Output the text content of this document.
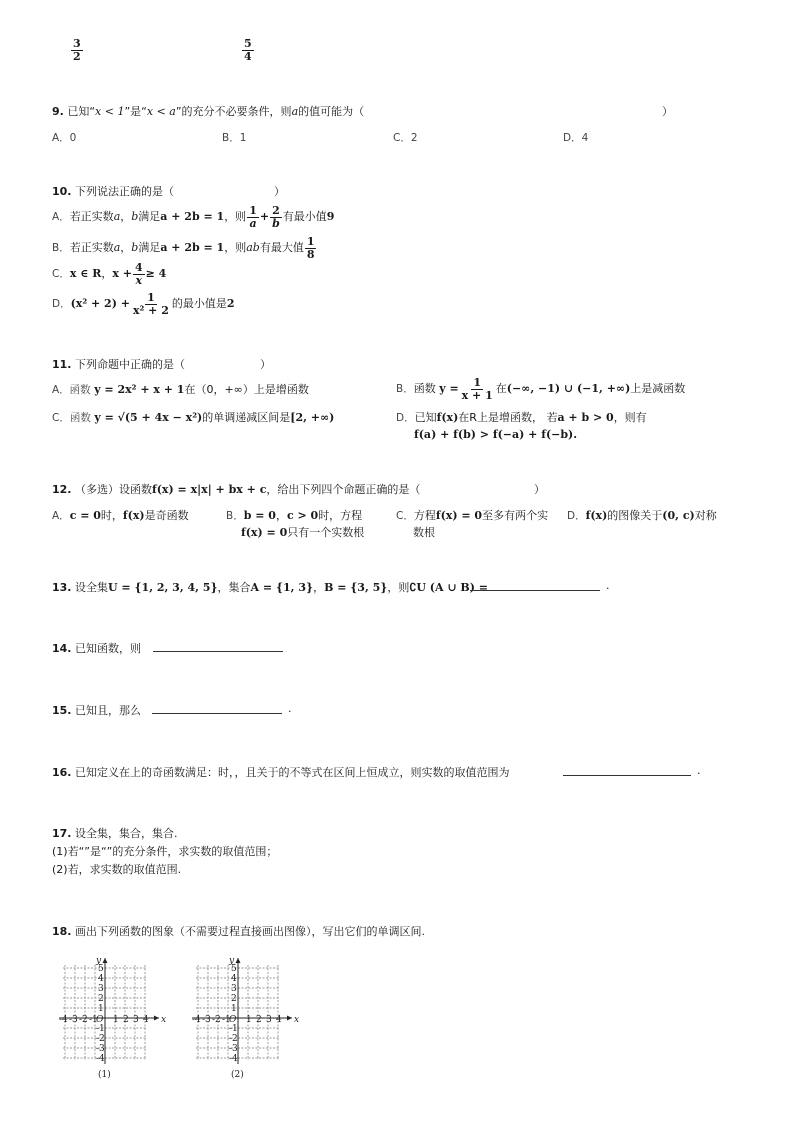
$\frac{3}{2}$	$\frac{5}{4}$
9. 已知“x < 1”是“x < a”的充分不必要条件，则a的值可能为（	）
A．0	B．1	C．2	D．4
10. 下列说法正确的是（	）
A．若正实数a，b满足a + 2b = 1，则 $\frac{1}{a} + \frac{2}{b}$ 有最小值9
B．若正实数a，b满足a + 2b = 1，则ab有最大值 $\frac{1}{8}$
C．x ∈ R，$x + \frac{4}{x} \ge 4$
D．$(x^2 + 2) + \frac{1}{\text{x² + 2}}$ 的最小值是2
11. 下列命题中正确的是（	）
A．函数 y = 2x² + x + 1在（0，+∞）上是增函数	B．函数 $y = \frac{1}{x + 1}$ 在(−∞, −1) ∪ (−1, +∞)上是减函数
C．函数 y = √(5 + 4x − x²)的单调递减区间是[2, +∞)	D．已知f(x)在R上是增函数， 若a + b > 0，则有
f(a) + f(b) > f(−a) + f(−b).
12. （多选）设函数f(x) = x|x| + bx + c，给出下列四个命题正确的是（	）
A．c = 0时，f(x)是奇函数	B．b = 0，c > 0时，方程
f(x) = 0只有一个实数根
C．方程f(x) = 0至多有两个实
数根
D．f(x)的图像关于(0, c)对称
13. 设全集U = {1, 2, 3, 4, 5}，集合A = {1, 3}，B = {3, 5}，则∁U (A ∪ B) =	.
14. 已知函数，则
15. 已知且，那么	.
16. 已知定义在上的奇函数满足：时，，且关于的不等式在区间上恒成立，则实数的取值范围为	.
17. 设全集，集合，集合.
(1)若“”是“”的充分条件，求实数的取值范围；
(2)若，求实数的取值范围.
18. 画出下列函数的图象（不需要过程直接画出图像），写出它们的单调区间.
x
y
O
-4 -3 -2 -1 1 2 3 4
5
4
3
2
1
-1
-2
-3
-4
(1)
x
y
O
-4 -3 -2 -1 1 2 3 4
5
4
3
2
1
-1
-2
-3
-4
(2)
